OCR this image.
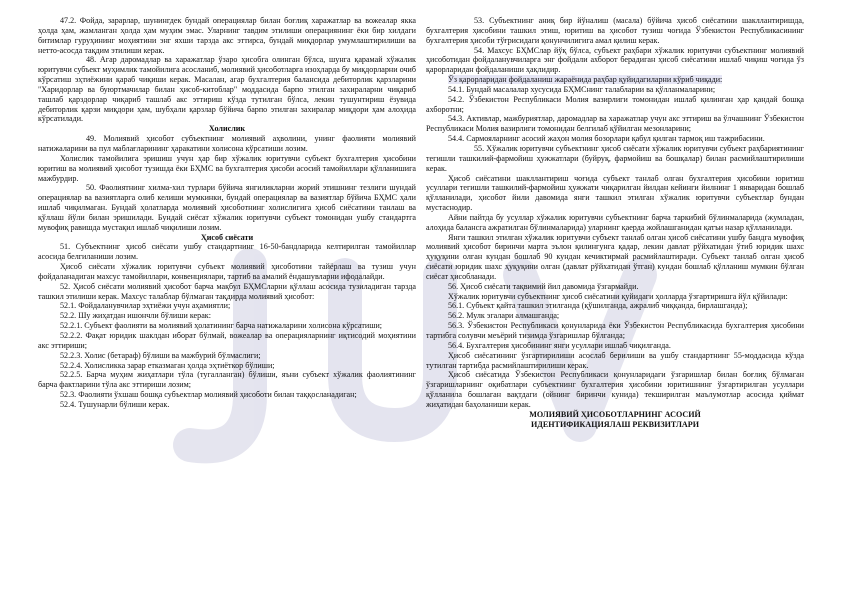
47.2. Фойда, зарарлар, шунингдек бундай операциялар билан боғлиқ харажатлар ва вожеалар якка ҳолда ҳам, жамланган ҳолда ҳам муҳим эмас. Уларнинг тавдим этилиши операциянинг ёки бир хилдаги битимлар гуруҳининг моҳиятини энг яхши тарзда акс эттирса, бундай миқдорлар умумлаштирилиши ва нетто-асосда тақдим этилиши керак.

48. Агар даромадлар ва харажатлар ўзаро ҳисобга олинган бўлса, шунга қарамай хўжалик юритувчи субъект муҳимлик тамойилига асосланиб, молиявий ҳисоботларга изоҳларда бу миқдорларни очиб кўрсатиш эҳтиёжини қараб чиқиши керак. Масалан, агар бухгалтерия балансида дебиторлик қарзларини "Харидорлар ва буюртмачилар билан ҳисоб-китоблар" моддасида барпо этилган захираларни чиқариб ташлаб қарздорлар чиқариб ташлаб акс эттириш кўзда тутилган бўлса, лекин тушунтириш ёзувида дебиторлик қарзи миқдори ҳам, шубҳали қарзлар бўйича барпо этилган захиралар миқдори ҳам алоҳида кўрсатилади.

Холислик

49. Молиявий ҳисобот субъектнинг молиявий аҳволини, унинг фаолияти молиявий натижаларини ва пул маблағларининг ҳаракатини холисона кўрсатиши лозим.

Холислик тамойилига эришиш учун ҳар бир хўжалик юритувчи субъект бухгалтерия ҳисобини юритиш ва молиявий ҳисобот тузишда ёки БҲМС ва бухгалтерия ҳисоби асосий тамойиллари қўлланишига мажбурдир.

50. Фаолиятнинг хилма-хил турлари бўйича янгиликларни жорий этишнинг тезлиги шундай операциялар ва вазиятларга олиб келиши мумкинки, бундай операциялар ва вазиятлар бўйича БҲМС ҳали ишлаб чиқилмаган. Бундай ҳолатларда молиявий ҳисоботнинг холислигига ҳисоб сиёсатини танлаш ва қўллаш йўли билан эришилади. Бундай сиёсат хўжалик юритувчи субъект томонидан ушбу стандартга мувофиқ равишда мустақил ишлаб чиқилиши лозим.

Ҳисоб сиёсати

51. Субъектнинг ҳисоб сиёсати ушбу стандартнинг 16-50-бандларида келтирилган тамойиллар асосида белгиланиши лозим.

Ҳисоб сиёсати хўжалик юритувчи субъект молиявий ҳисоботини тайёрлаш ва тузиш учун фойдаланадиган махсус тамойиллари, конвенциялари, тартиб ва амалий ёндашувларни ифодалайди.

52. Ҳисоб сиёсати молиявий ҳисобот барча мақбул БҲМСларни қўллаш асосида тузиладиган тарзда ташкил этилиши керак. Махсус талаблар бўлмаган тақдирда молиявий ҳисобот:

52.1. Фойдаланувчилар эҳтиёжи учун аҳамиятли;

52.2. Шу жиҳатдан ишончли бўлиши керак:

52.2.1. Субъект фаолияти ва молиявий ҳолатининг барча натижаларини холисона кўрсатиши;

52.2.2. Фақат юридик шаклдан иборат бўлмай, вожеалар ва операцияларнинг иқтисодий моҳиятини акс эттириши;

52.2.3. Холис (бетараф) бўлиши ва мажбурий бўлмаслиги;

52.2.4. Холисликка зарар етказмаган ҳолда эҳтиёткор бўлиши;

52.2.5. Барча муҳим жиҳатлари тўла (тугалланган) бўлиши, яъни субъект хўжалик фаолиятининг барча фактларини тўла акс эттириши лозим;

52.3. Фаолияти ўхшаш бошқа субъектлар молиявий ҳисоботи билан таққосланадиган;

52.4. Тушунарли бўлиши керак.

53. Субъектнинг аниқ бир йўналиш (масала) бўйича ҳисоб сиёсатини шакллантиришда, бухгалтерия ҳисобини ташкил этиш, юритиш ва ҳисобот тузиш чоғида Ўзбекистон Республикасининг бухгалтерия ҳисоби тўғрисидаги қонунчилигига амал қилиш керак.

54. Махсус БҲМСлар йўқ бўлса, субъект раҳбари хўжалик юритувчи субъектнинг молиявий ҳисоботидан фойдаланувчиларга энг фойдали ахборот берадиган ҳисоб сиёсатини ишлаб чиқиш чоғида ўз қарорларидан фойдаланиши ҳақлидир.

Ўз қарорларидан фойдаланиш жараёнида раҳбар қуйидагиларни кўриб чиқади:

54.1. Бундай масалалар хусусида БҲМСнинг талабларии ва қўлланмаларини;

54.2. Ўзбекистон Республикаси Молия вазирлиги томонидан ишлаб қилинган ҳар қандай бошқа ахборотни;

54.3. Активлар, мажбуриятлар, даромадлар ва харажатлар учун акс эттириш ва ўлчашнинг Ўзбекистон Республикаси Молия вазирлиги томонидан белгилаб қўйилган мезонларини;

54.4. Сармояларнинг асосий жаҳон молия бозорлари қабул қилган тармоқ иш тажрибасини.

55. Хўжалик юритувчи субъектнинг ҳисоб сиёсати хўжалик юритувчи субъект раҳбариятининг тегишли ташкилий-фармойиш ҳужжатлари (буйруқ, фармойиш ва бошқалар) билан расмийлаштирилиши керак.

Ҳисоб сиёсатини шакллантириш чоғида субъект танлаб олган бухгалтерия ҳисобини юритиш усуллари тегишли ташкилий-фармойиш ҳужжати чиқарилган йилдан кейинги йилнинг 1 январидан бошлаб қўлланилади, ҳисобот йили давомида янги ташкил этилган хўжалик юритувчи субъектлар бундан мустаснодир.

Айни пайтда бу усуллар хўжалик юритувчи субъектнинг барча таркибий бўлинмаларида (жумладан, алоҳида балансга ажратилган бўлинмаларида) уларнинг қаерда жойлашганидан қатъи назар қўлланилади.

Янги ташкил этилган хўжалик юритувчи субъект танлаб олган ҳисоб сиёсатини ушбу бандга мувофиқ молиявий ҳисобот биринчи марта эълон қилингунга қадар, лекин давлат рўйхатидан ўтиб юридик шахс ҳуқуқини олган кундан бошлаб 90 кундан кечиктирмай расмийлаштиради. Субъект танлаб олган ҳисоб сиёсати юридик шахс ҳуқуқини олган (давлат рўйхатидан ўтган) кундан бошлаб қўлланиш мумкин бўлган сиёсат ҳисобланади.

56. Ҳисоб сиёсати тақвимий йил давомида ўзгармайди.

Хўжалик юритувчи субъектнинг ҳисоб сиёсатини қуйидаги ҳолларда ўзгартиришга йўл қўйилади:

56.1. Субъект қайта ташкил этилганда (қўшилганда, ажралиб чиққанда, бирлашганда);

56.2. Мулк эгалари алмашганда;

56.3. Ўзбекистон Республикаси қонунларида ёки Ўзбекистон Республикасида бухгалтерия ҳисобини тартибга солувчи меъёрий тизимда ўзгаришлар бўлганда;

56.4. Бухгалтерия ҳисобининг янги усуллари ишлаб чиқилганда.

Ҳисоб сиёсатининг ўзгартирилиши асослаб берилиши ва ушбу стандартнинг 55-моддасида кўзда тутилган тартибда расмийлаштирилиши керак.

Ҳисоб сиёсатида Ўзбекистон Республикаси қонунларидаги ўзгаришлар билан боғлиқ бўлмаган ўзгаришларнинг оқибатлари субъектнинг бухгалтерия ҳисобини юритишнинг ўзгартирилган усуллари қўлланила бошлаган вақтдаги (ойнинг биринчи кунида) текширилган маълумотлар асосида қиймат жиҳатидан баҳоланиши керак.

МОЛИЯВИЙ ҲИСОБОТЛАРНИНГ АСОСИЙ

ИДЕНТИФИКАЦИЯЛАШ РЕКВИЗИТЛАРИ
